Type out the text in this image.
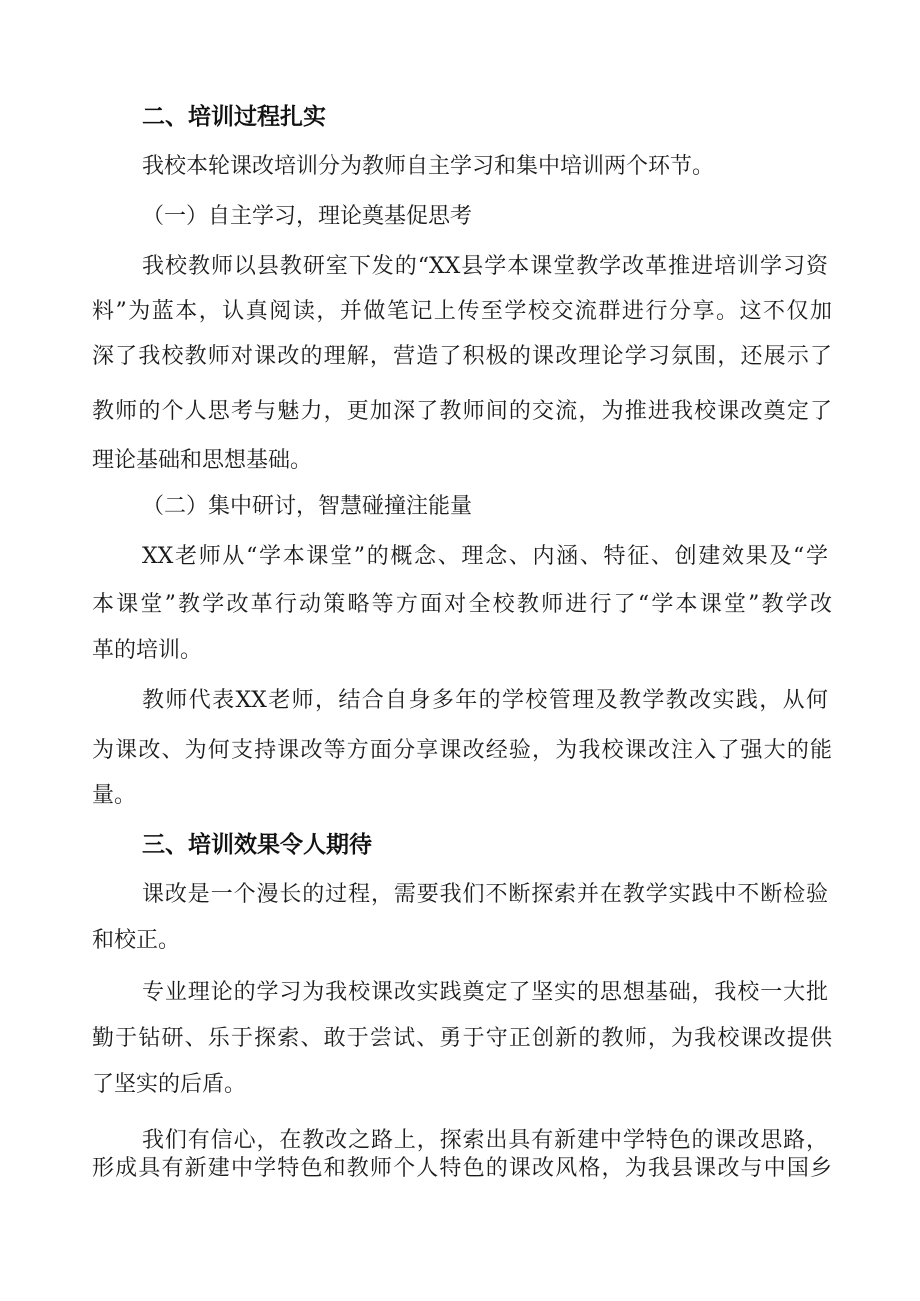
二、培训过程扎实
我校本轮课改培训分为教师自主学习和集中培训两个环节。
（一）自主学习，理论奠基促思考
我校教师以县教研室下发的“XX县学本课堂教学改革推进培训学习资
料”为蓝本，认真阅读，并做笔记上传至学校交流群进行分享。这不仅加
深了我校教师对课改的理解，营造了积极的课改理论学习氛围，还展示了
教师的个人思考与魅力，更加深了教师间的交流，为推进我校课改奠定了
理论基础和思想基础。
（二）集中研讨，智慧碰撞注能量
XX老师从“学本课堂”的概念、理念、内涵、特征、创建效果及“学
本课堂”教学改革行动策略等方面对全校教师进行了“学本课堂”教学改
革的培训。
教师代表XX老师，结合自身多年的学校管理及教学教改实践，从何
为课改、为何支持课改等方面分享课改经验，为我校课改注入了强大的能
量。
三、培训效果令人期待
课改是一个漫长的过程，需要我们不断探索并在教学实践中不断检验
和校正。
专业理论的学习为我校课改实践奠定了坚实的思想基础，我校一大批
勤于钻研、乐于探索、敢于尝试、勇于守正创新的教师，为我校课改提供
了坚实的后盾。
我们有信心，在教改之路上，探索出具有新建中学特色的课改思路，
形成具有新建中学特色和教师个人特色的课改风格，为我县课改与中国乡
